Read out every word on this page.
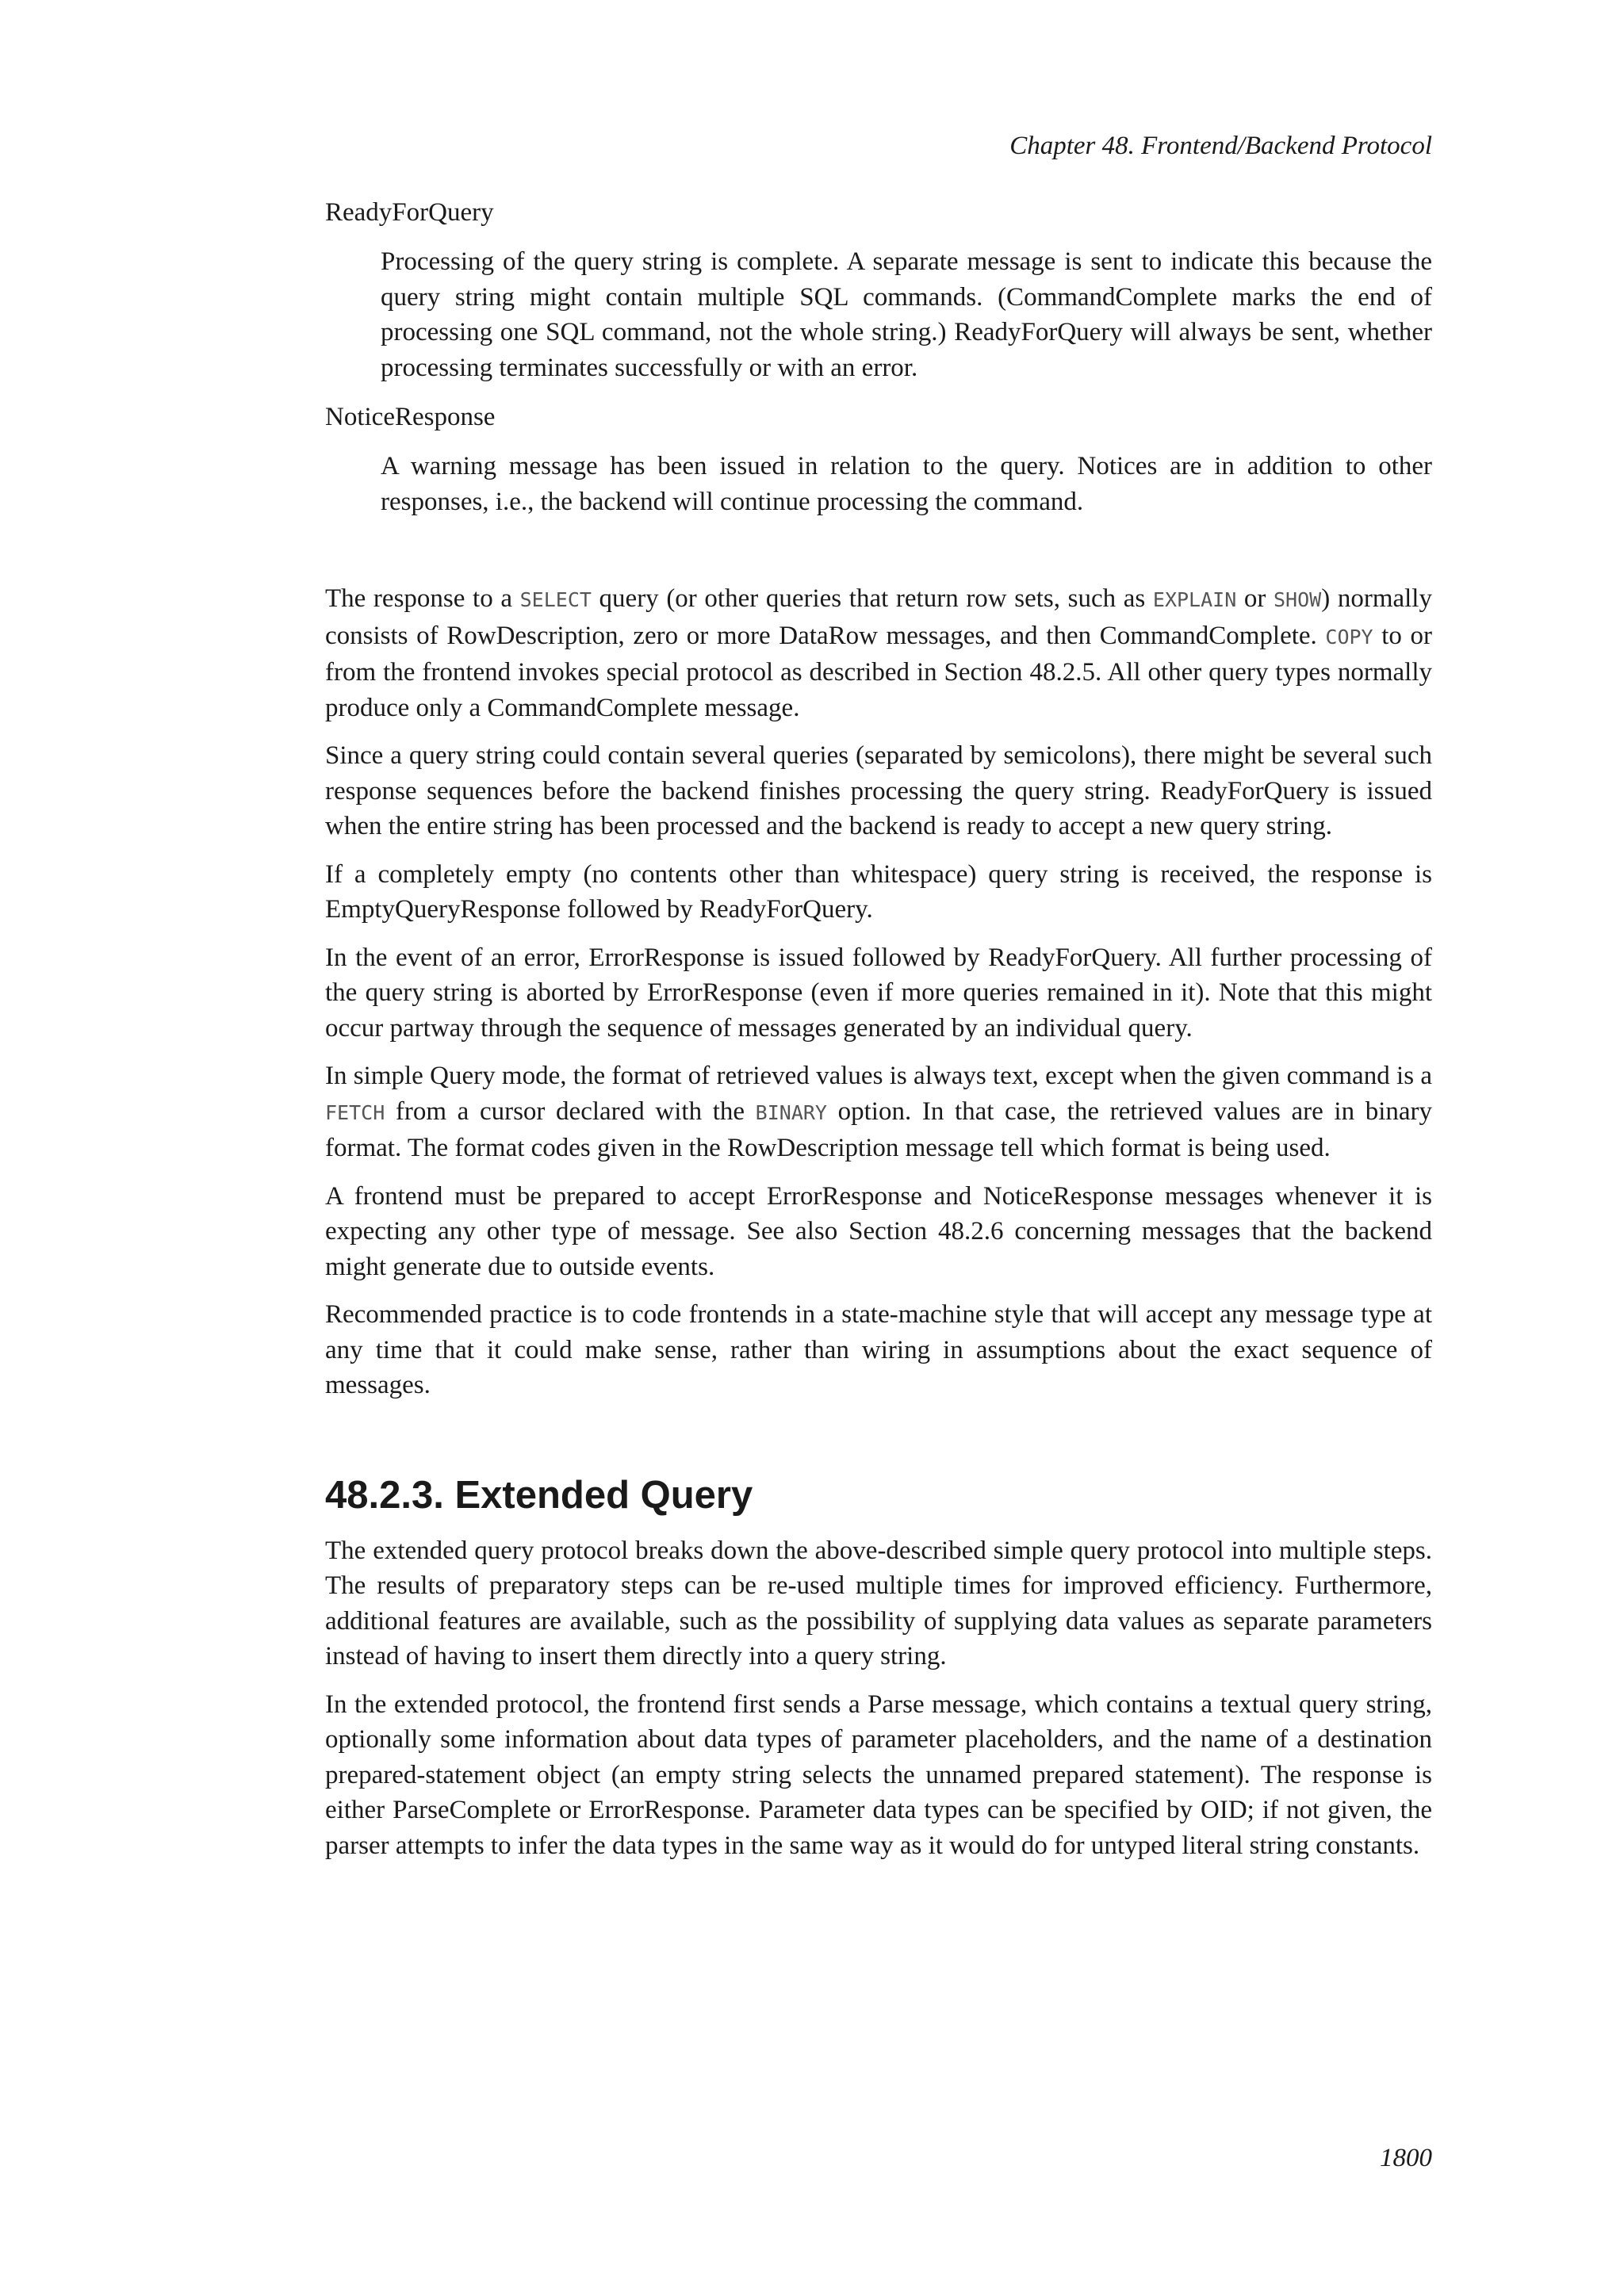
Chapter 48. Frontend/Backend Protocol

ReadyForQuery

Processing of the query string is complete. A separate message is sent to indicate this because the query string might contain multiple SQL commands. (CommandComplete marks the end of processing one SQL command, not the whole string.) ReadyForQuery will always be sent, whether processing terminates successfully or with an error.

NoticeResponse

A warning message has been issued in relation to the query. Notices are in addition to other responses, i.e., the backend will continue processing the command.

The response to a SELECT query (or other queries that return row sets, such as EXPLAIN or SHOW) normally consists of RowDescription, zero or more DataRow messages, and then CommandComplete. COPY to or from the frontend invokes special protocol as described in Section 48.2.5. All other query types normally produce only a CommandComplete message.

Since a query string could contain several queries (separated by semicolons), there might be several such response sequences before the backend finishes processing the query string. ReadyForQuery is issued when the entire string has been processed and the backend is ready to accept a new query string.

If a completely empty (no contents other than whitespace) query string is received, the response is EmptyQueryResponse followed by ReadyForQuery.

In the event of an error, ErrorResponse is issued followed by ReadyForQuery. All further processing of the query string is aborted by ErrorResponse (even if more queries remained in it). Note that this might occur partway through the sequence of messages generated by an individual query.

In simple Query mode, the format of retrieved values is always text, except when the given command is a FETCH from a cursor declared with the BINARY option. In that case, the retrieved values are in binary format. The format codes given in the RowDescription message tell which format is being used.

A frontend must be prepared to accept ErrorResponse and NoticeResponse messages whenever it is expecting any other type of message. See also Section 48.2.6 concerning messages that the backend might generate due to outside events.

Recommended practice is to code frontends in a state-machine style that will accept any message type at any time that it could make sense, rather than wiring in assumptions about the exact sequence of messages.

48.2.3. Extended Query

The extended query protocol breaks down the above-described simple query protocol into multiple steps. The results of preparatory steps can be re-used multiple times for improved efficiency. Furthermore, additional features are available, such as the possibility of supplying data values as separate parameters instead of having to insert them directly into a query string.

In the extended protocol, the frontend first sends a Parse message, which contains a textual query string, optionally some information about data types of parameter placeholders, and the name of a destination prepared-statement object (an empty string selects the unnamed prepared statement). The response is either ParseComplete or ErrorResponse. Parameter data types can be specified by OID; if not given, the parser attempts to infer the data types in the same way as it would do for untyped literal string constants.

1800
